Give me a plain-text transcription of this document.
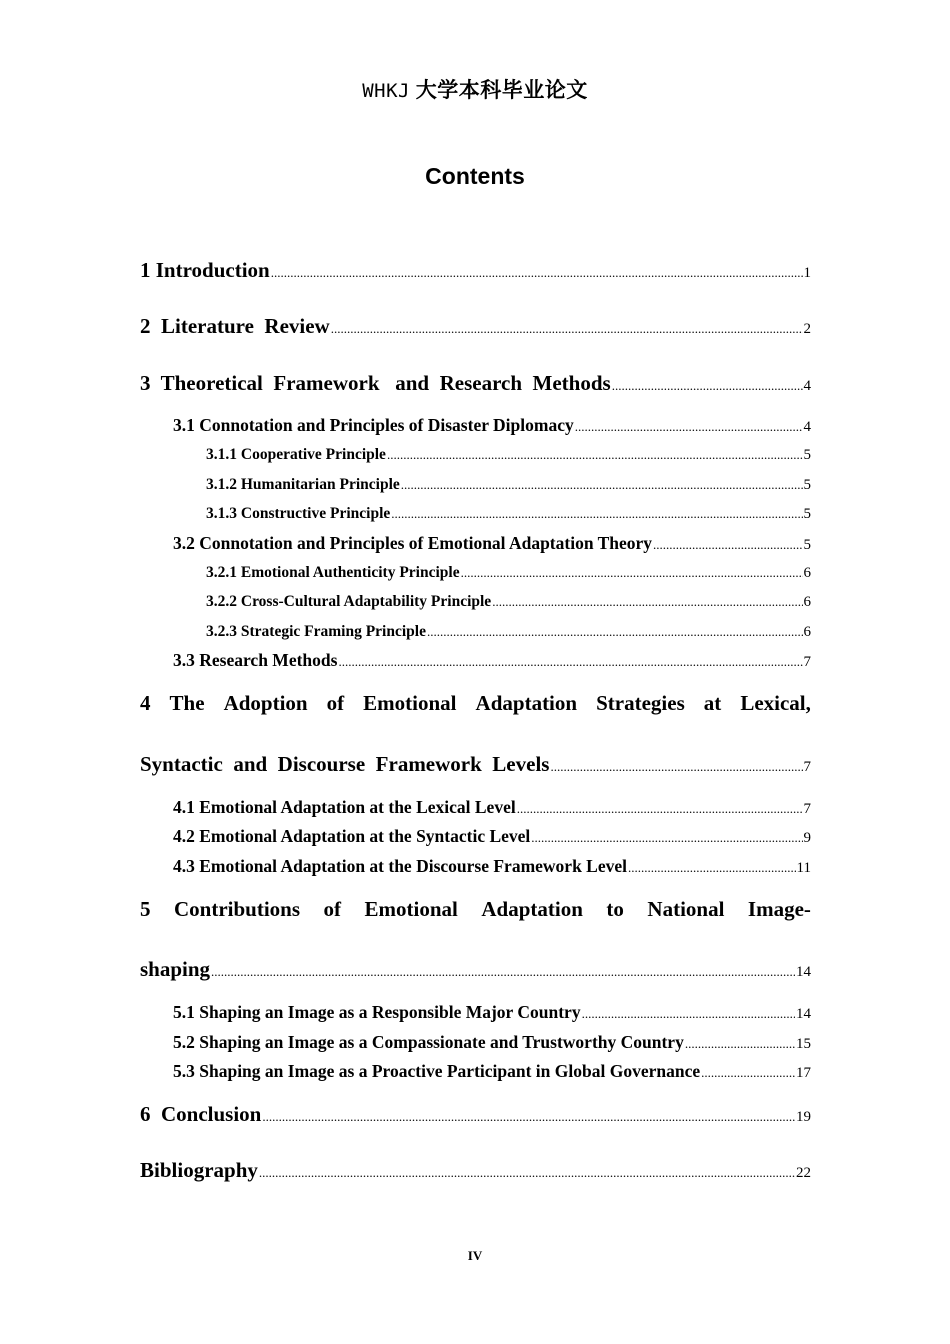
WHKJ 大学本科毕业论文
Contents
1 Introduction .....	1
2  Literature  Review .....	2
3  Theoretical  Framework   and  Research  Methods .....	4
3.1 Connotation and Principles of Disaster Diplomacy .....	4
3.1.1 Cooperative Principle .....	5
3.1.2 Humanitarian Principle .....	5
3.1.3 Constructive Principle .....	5
3.2 Connotation and Principles of Emotional Adaptation Theory .....	5
3.2.1 Emotional Authenticity Principle .....	6
3.2.2 Cross-Cultural Adaptability Principle .....	6
3.2.3 Strategic Framing Principle .....	6
3.3 Research Methods .....	7
4 The Adoption of Emotional Adaptation Strategies at Lexical,
Syntactic  and  Discourse  Framework  Levels .....	7
4.1 Emotional Adaptation at the Lexical Level .....	7
4.2 Emotional Adaptation at the Syntactic Level .....	9
4.3 Emotional Adaptation at the Discourse Framework Level .....	11
5 Contributions of Emotional Adaptation to National Image-
shaping .....	14
5.1 Shaping an Image as a Responsible Major Country .....	14
5.2 Shaping an Image as a Compassionate and Trustworthy Country .....	15
5.3 Shaping an Image as a Proactive Participant in Global Governance .....	17
6  Conclusion .....	19
Bibliography .....	22
IV
